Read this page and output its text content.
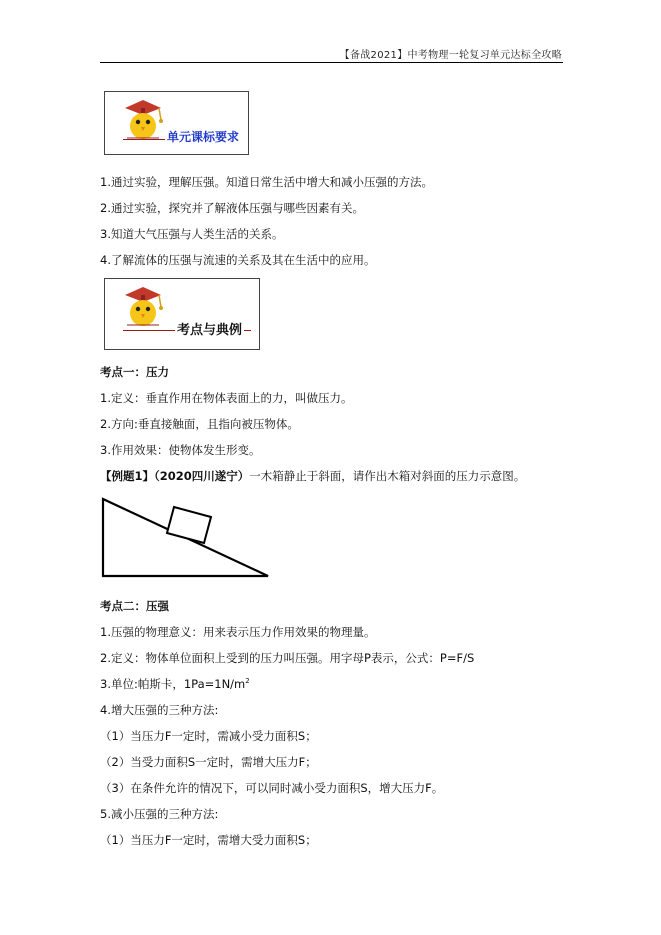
【备战2021】中考物理一轮复习单元达标全攻略
单元课标要求
1.通过实验，理解压强。知道日常生活中增大和减小压强的方法。
2.通过实验，探究并了解液体压强与哪些因素有关。
3.知道大气压强与人类生活的关系。
4.了解流体的压强与流速的关系及其在生活中的应用。
考点与典例
考点一：压力
1.定义：垂直作用在物体表面上的力，叫做压力。
2.方向:垂直接触面，且指向被压物体。
3.作用效果：使物体发生形变。
【例题1】（2020四川遂宁）一木箱静止于斜面，请作出木箱对斜面的压力示意图。
考点二：压强
1.压强的物理意义：用来表示压力作用效果的物理量。
2.定义：物体单位面积上受到的压力叫压强。用字母P表示，公式：P=F/S
3.单位:帕斯卡，$1Pa=1N/m^2$
4.增大压强的三种方法:
（1）当压力F一定时，需减小受力面积S；
（2）当受力面积S一定时，需增大压力F；
（3）在条件允许的情况下，可以同时减小受力面积S，增大压力F。
5.减小压强的三种方法:
（1）当压力F一定时，需增大受力面积S；
